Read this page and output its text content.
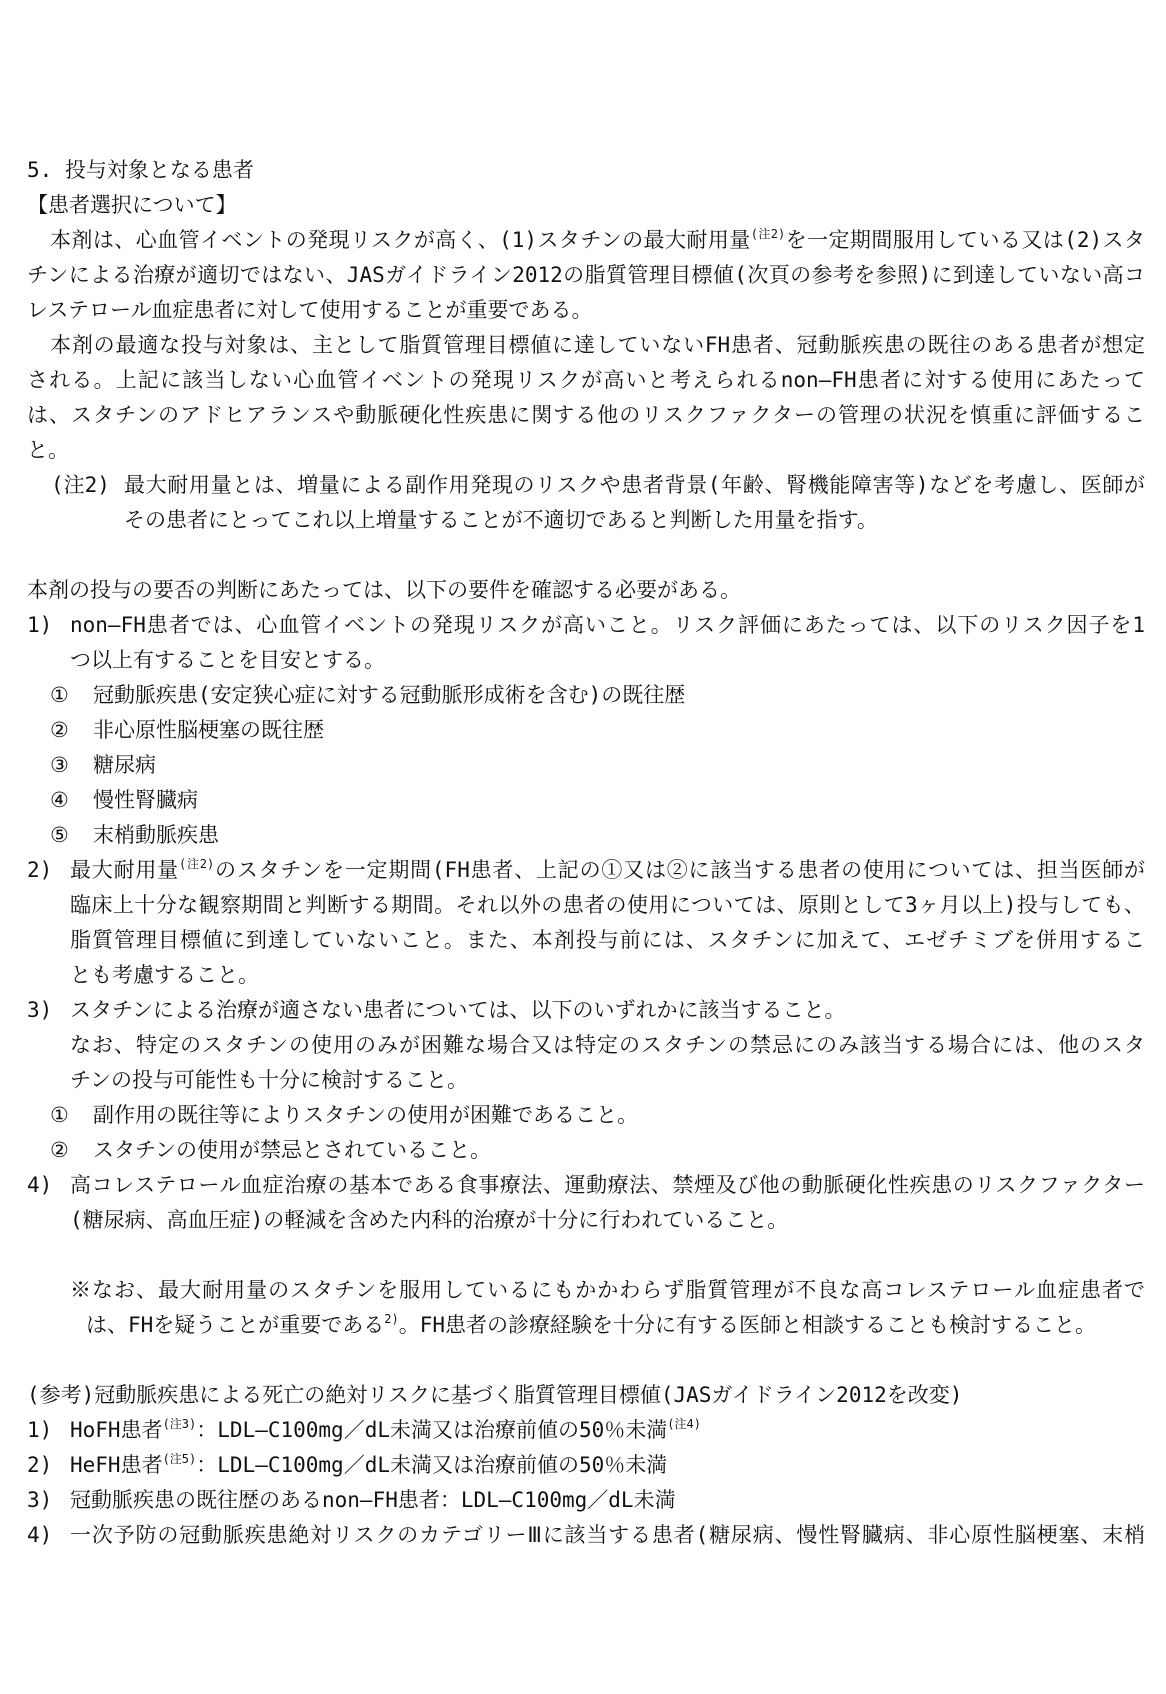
5. 投与対象となる患者
【患者選択について】
本剤は、心血管イベントの発現リスクが高く、(1)スタチンの最大耐用量$^{(注2)}$を一定期間服用している又は(2)スタ
チンによる治療が適切ではない、JASガイドライン2012の脂質管理目標値(次頁の参考を参照)に到達していない高コ
レステロール血症患者に対して使用することが重要である。
本剤の最適な投与対象は、主として脂質管理目標値に達していないFH患者、冠動脈疾患の既往のある患者が想定
される。上記に該当しない心血管イベントの発現リスクが高いと考えられるnon—FH患者に対する使用にあたって
は、スタチンのアドヒアランスや動脈硬化性疾患に関する他のリスクファクターの管理の状況を慎重に評価するこ
と。
(注2) 最大耐用量とは、増量による副作用発現のリスクや患者背景(年齢、腎機能障害等)などを考慮し、医師が
その患者にとってこれ以上増量することが不適切であると判断した用量を指す。
本剤の投与の要否の判断にあたっては、以下の要件を確認する必要がある。
1) non—FH患者では、心血管イベントの発現リスクが高いこと。リスク評価にあたっては、以下のリスク因子を1
つ以上有することを目安とする。
① 冠動脈疾患(安定狭心症に対する冠動脈形成術を含む)の既往歴
② 非心原性脳梗塞の既往歴
③ 糖尿病
④ 慢性腎臓病
⑤ 末梢動脈疾患
2) 最大耐用量$^{(注2)}$のスタチンを一定期間(FH患者、上記の①又は②に該当する患者の使用については、担当医師が
臨床上十分な観察期間と判断する期間。それ以外の患者の使用については、原則として3ヶ月以上)投与しても、
脂質管理目標値に到達していないこと。また、本剤投与前には、スタチンに加えて、エゼチミブを併用するこ
とも考慮すること。
3) スタチンによる治療が適さない患者については、以下のいずれかに該当すること。
なお、特定のスタチンの使用のみが困難な場合又は特定のスタチンの禁忌にのみ該当する場合には、他のスタ
チンの投与可能性も十分に検討すること。
① 副作用の既往等によりスタチンの使用が困難であること。
② スタチンの使用が禁忌とされていること。
4) 高コレステロール血症治療の基本である食事療法、運動療法、禁煙及び他の動脈硬化性疾患のリスクファクター
(糖尿病、高血圧症)の軽減を含めた内科的治療が十分に行われていること。
※なお、最大耐用量のスタチンを服用しているにもかかわらず脂質管理が不良な高コレステロール血症患者で
は、FHを疑うことが重要である$^{2)}$。FH患者の診療経験を十分に有する医師と相談することも検討すること。
(参考)冠動脈疾患による死亡の絶対リスクに基づく脂質管理目標値(JASガイドライン2012を改変)
1) HoFH患者$^{(注3)}$：LDL—C100mg／dL未満又は治療前値の50％未満$^{(注4)}$
2) HeFH患者$^{(注5)}$：LDL—C100mg／dL未満又は治療前値の50％未満
3) 冠動脈疾患の既往歴のあるnon—FH患者：LDL—C100mg／dL未満
4) 一次予防の冠動脈疾患絶対リスクのカテゴリーⅢに該当する患者(糖尿病、慢性腎臓病、非心原性脳梗塞、末梢
